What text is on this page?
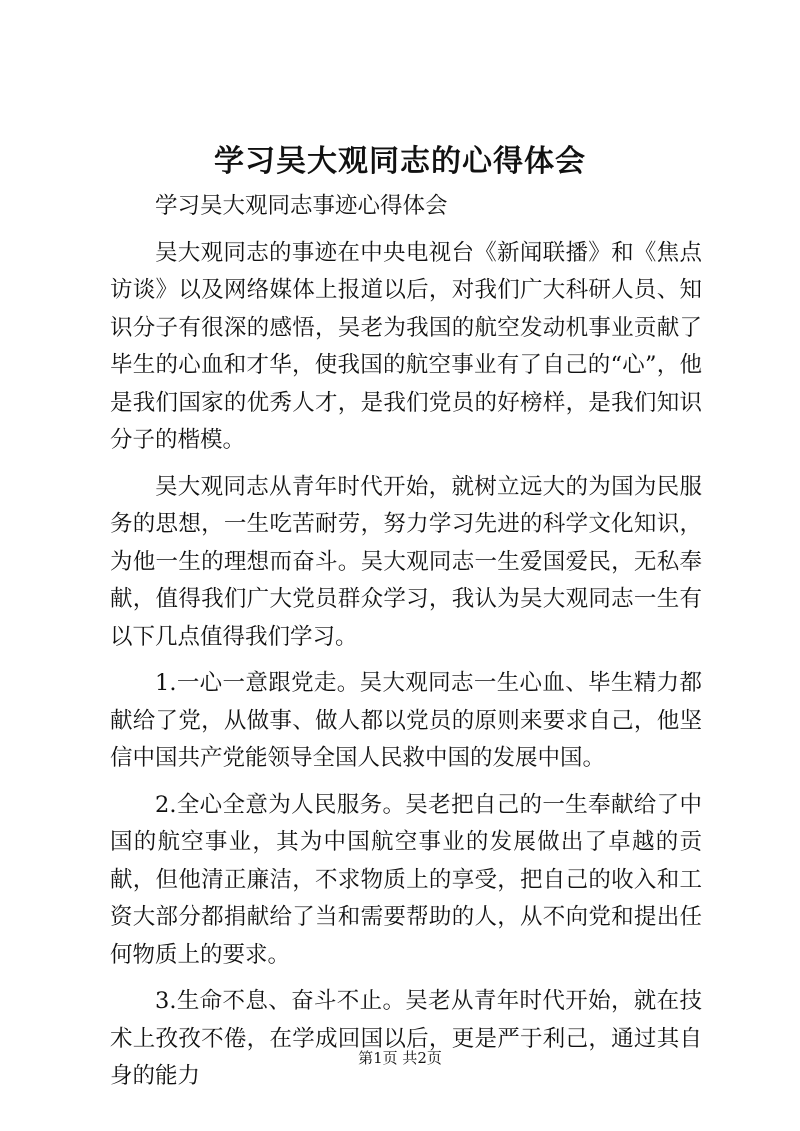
学习吴大观同志的心得体会

学习吴大观同志事迹心得体会

吴大观同志的事迹在中央电视台《新闻联播》和《焦点访谈》以及网络媒体上报道以后，对我们广大科研人员、知识分子有很深的感悟，吴老为我国的航空发动机事业贡献了毕生的心血和才华，使我国的航空事业有了自己的“心”，他是我们国家的优秀人才，是我们党员的好榜样，是我们知识分子的楷模。

吴大观同志从青年时代开始，就树立远大的为国为民服务的思想，一生吃苦耐劳，努力学习先进的科学文化知识，为他一生的理想而奋斗。吴大观同志一生爱国爱民，无私奉献，值得我们广大党员群众学习，我认为吴大观同志一生有以下几点值得我们学习。

1.一心一意跟党走。吴大观同志一生心血、毕生精力都献给了党，从做事、做人都以党员的原则来要求自己，他坚信中国共产党能领导全国人民救中国的发展中国。

2.全心全意为人民服务。吴老把自己的一生奉献给了中国的航空事业，其为中国航空事业的发展做出了卓越的贡献，但他清正廉洁，不求物质上的享受，把自己的收入和工资大部分都捐献给了当和需要帮助的人，从不向党和提出任何物质上的要求。

3.生命不息、奋斗不止。吴老从青年时代开始，就在技术上孜孜不倦，在学成回国以后，更是严于利己，通过其自身的能力

第1页 共2页
